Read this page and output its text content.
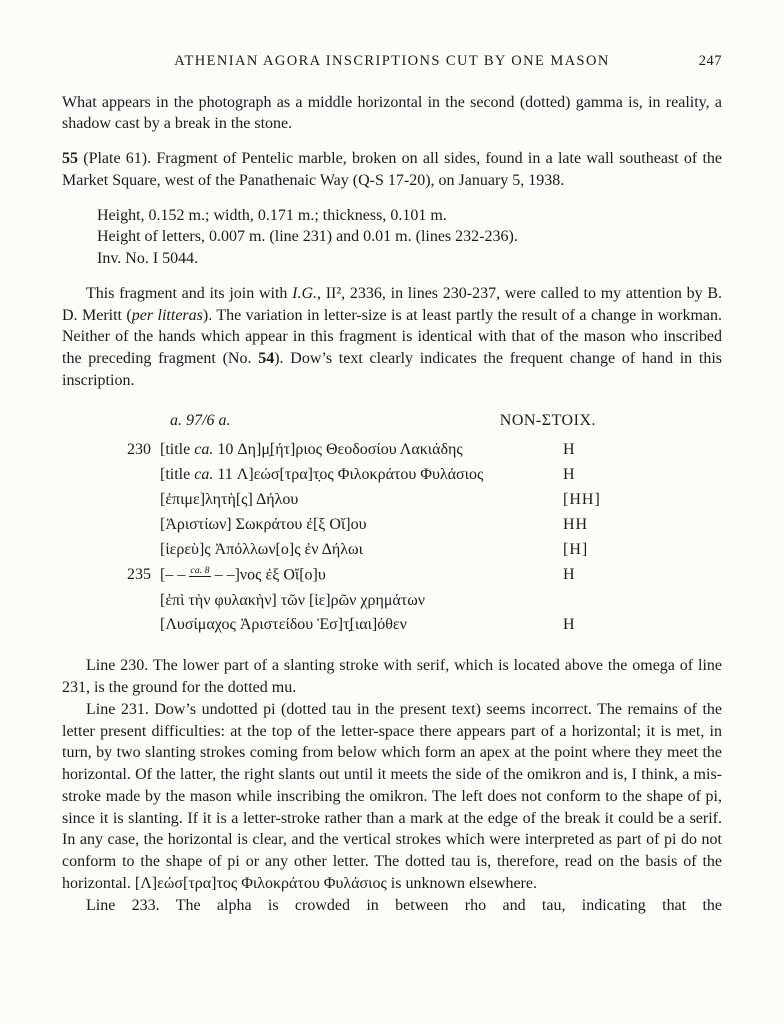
ATHENIAN AGORA INSCRIPTIONS CUT BY ONE MASON	247

What appears in the photograph as a middle horizontal in the second (dotted) gamma is, in reality, a shadow cast by a break in the stone.

55 (Plate 61). Fragment of Pentelic marble, broken on all sides, found in a late wall southeast of the Market Square, west of the Panathenaic Way (Q-S 17-20), on January 5, 1938.

Height, 0.152 m.; width, 0.171 m.; thickness, 0.101 m.

Height of letters, 0.007 m. (line 231) and 0.01 m. (lines 232-236).

Inv. No. I 5044.

This fragment and its join with I.G., II², 2336, in lines 230-237, were called to my attention by B. D. Meritt (per litteras). The variation in letter-size is at least partly the result of a change in workman. Neither of the hands which appear in this fragment is identical with that of the mason who inscribed the preceding fragment (No. 54). Dow’s text clearly indicates the frequent change of hand in this inscription.

a. 97/6 a.	ΝΟΝ-ΣΤΟΙΧ.
230 [title ca. 10 Δη]μ̣[ήτ]ριος Θεοδοσίου Λακιάδης	H
[title ca. 11 Λ]εώσ[τρα]τ̣ος Φιλοκράτου Φυλάσιος	H
[ἐπιμε]λητὴ[ς] Δήλου	[HH]
[Ἀριστίων] Σωκράτου ἐ[ξ Οἴ]ου	HH
[ἱερεὺ]ς Ἀπόλλων[ο]ς ἐν Δήλωι	[H]
235 [– – $^{ca. 8}$ – –]νος ἐξ Οἴ[ο]υ	H
[ἐπὶ τὴν φυλακὴν] τῶν [ἱε]ρῶν χρημάτων
[Λυσίμαχος Ἀριστείδου Ἑσ]τ̣[ιαι]όθεν	H

Line 230. The lower part of a slanting stroke with serif, which is located above the omega of line 231, is the ground for the dotted mu.

Line 231. Dow’s undotted pi (dotted tau in the present text) seems incorrect. The remains of the letter present difficulties: at the top of the letter-space there appears part of a horizontal; it is met, in turn, by two slanting strokes coming from below which form an apex at the point where they meet the horizontal. Of the latter, the right slants out until it meets the side of the omikron and is, I think, a mis-stroke made by the mason while inscribing the omikron. The left does not conform to the shape of pi, since it is slanting. If it is a letter-stroke rather than a mark at the edge of the break it could be a serif. In any case, the horizontal is clear, and the vertical strokes which were interpreted as part of pi do not conform to the shape of pi or any other letter. The dotted tau is, therefore, read on the basis of the horizontal. [Λ]εώσ[τρα]τος Φιλοκράτου Φυλάσιος is unknown elsewhere.

Line 233. The alpha is crowded in between rho and tau, indicating that the
